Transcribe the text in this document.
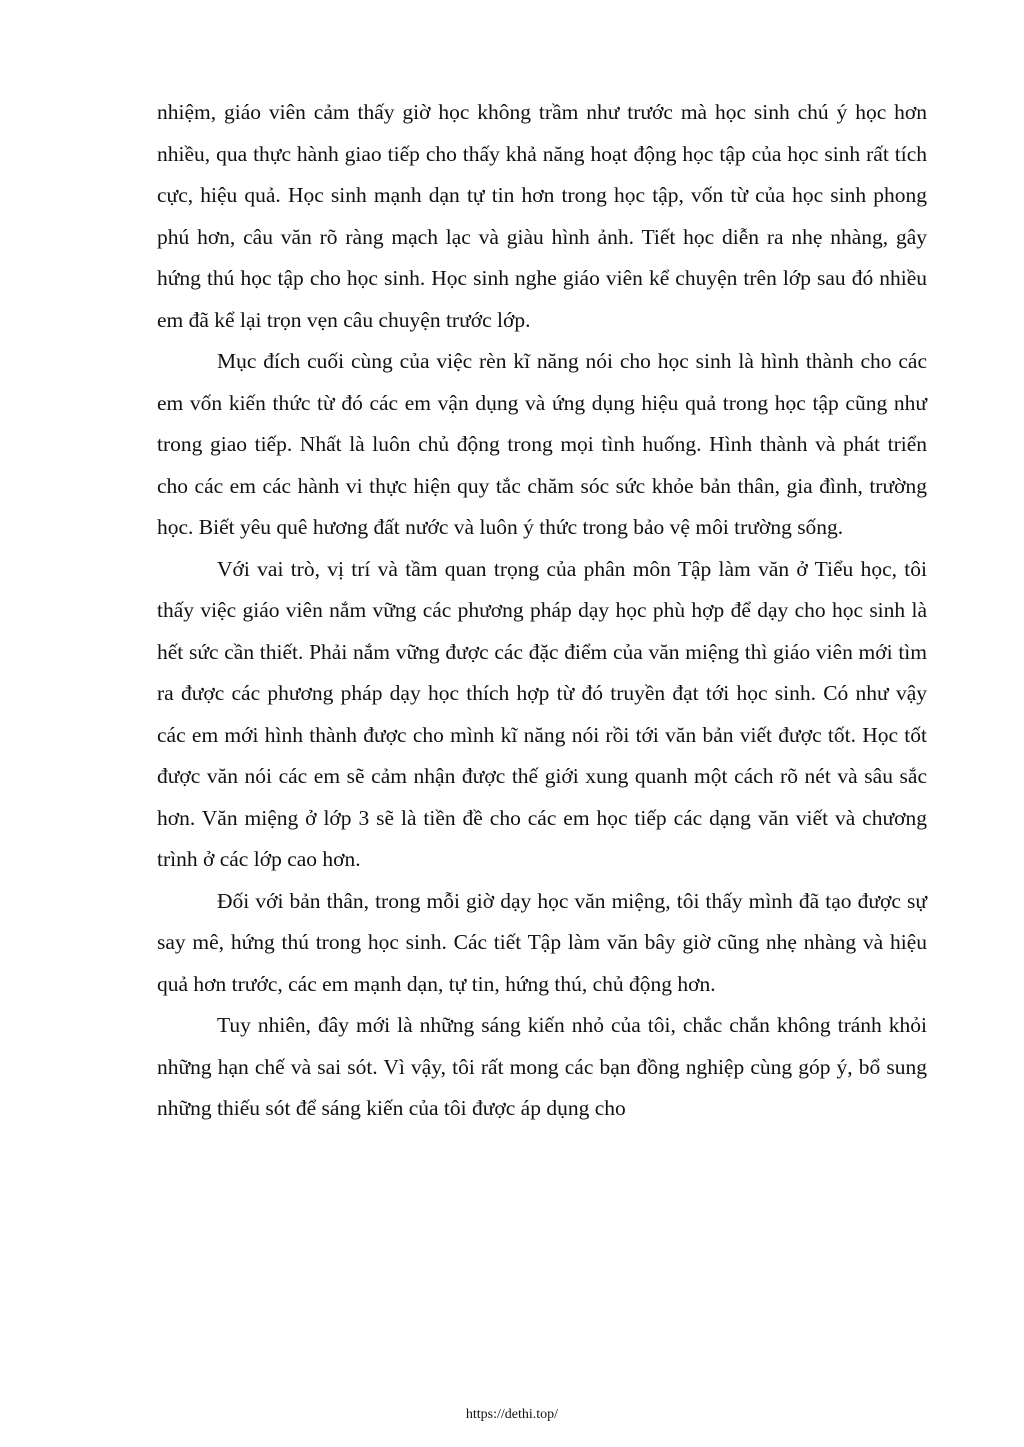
nhiệm, giáo viên cảm thấy giờ học không trầm như trước mà học sinh chú ý học hơn nhiều, qua thực hành giao tiếp cho thấy khả năng hoạt động học tập của học sinh rất tích cực, hiệu quả. Học sinh mạnh dạn tự tin hơn trong học tập, vốn từ của học sinh phong phú hơn, câu văn rõ ràng mạch lạc và giàu hình ảnh. Tiết học diễn ra nhẹ nhàng, gây hứng thú học tập cho học sinh. Học sinh nghe giáo viên kể chuyện trên lớp sau đó nhiều em đã kể lại trọn vẹn câu chuyện trước lớp.

Mục đích cuối cùng của việc rèn kĩ năng nói cho học sinh là hình thành cho các em vốn kiến thức từ đó các em vận dụng và ứng dụng hiệu quả trong học tập cũng như trong giao tiếp. Nhất là luôn chủ động trong mọi tình huống. Hình thành và phát triển cho các em các hành vi thực hiện quy tắc chăm sóc sức khỏe bản thân, gia đình, trường học. Biết yêu quê hương đất nước và luôn ý thức trong bảo vệ môi trường sống.

Với vai trò, vị trí và tầm quan trọng của phân môn Tập làm văn ở Tiểu học, tôi thấy việc giáo viên nắm vững các phương pháp dạy học phù hợp để dạy cho học sinh là hết sức cần thiết. Phải nắm vững được các đặc điểm của văn miệng thì giáo viên mới tìm ra được các phương pháp dạy học thích hợp từ đó truyền đạt tới học sinh. Có như vậy các em mới hình thành được cho mình kĩ năng nói rồi tới văn bản viết được tốt. Học tốt được văn nói các em sẽ cảm nhận được thế giới xung quanh một cách rõ nét và sâu sắc hơn. Văn miệng ở lớp 3 sẽ là tiền đề cho các em học tiếp các dạng văn viết và chương trình ở các lớp cao hơn.

Đối với bản thân, trong mỗi giờ dạy học văn miệng, tôi thấy mình đã tạo được sự say mê, hứng thú trong học sinh. Các tiết Tập làm văn bây giờ cũng nhẹ nhàng và hiệu quả hơn trước, các em mạnh dạn, tự tin, hứng thú, chủ động hơn.

Tuy nhiên, đây mới là những sáng kiến nhỏ của tôi, chắc chắn không tránh khỏi những hạn chế và sai sót. Vì vậy, tôi rất mong các bạn đồng nghiệp cùng góp ý, bổ sung những thiếu sót để sáng kiến của tôi được áp dụng cho

https://dethi.top/
